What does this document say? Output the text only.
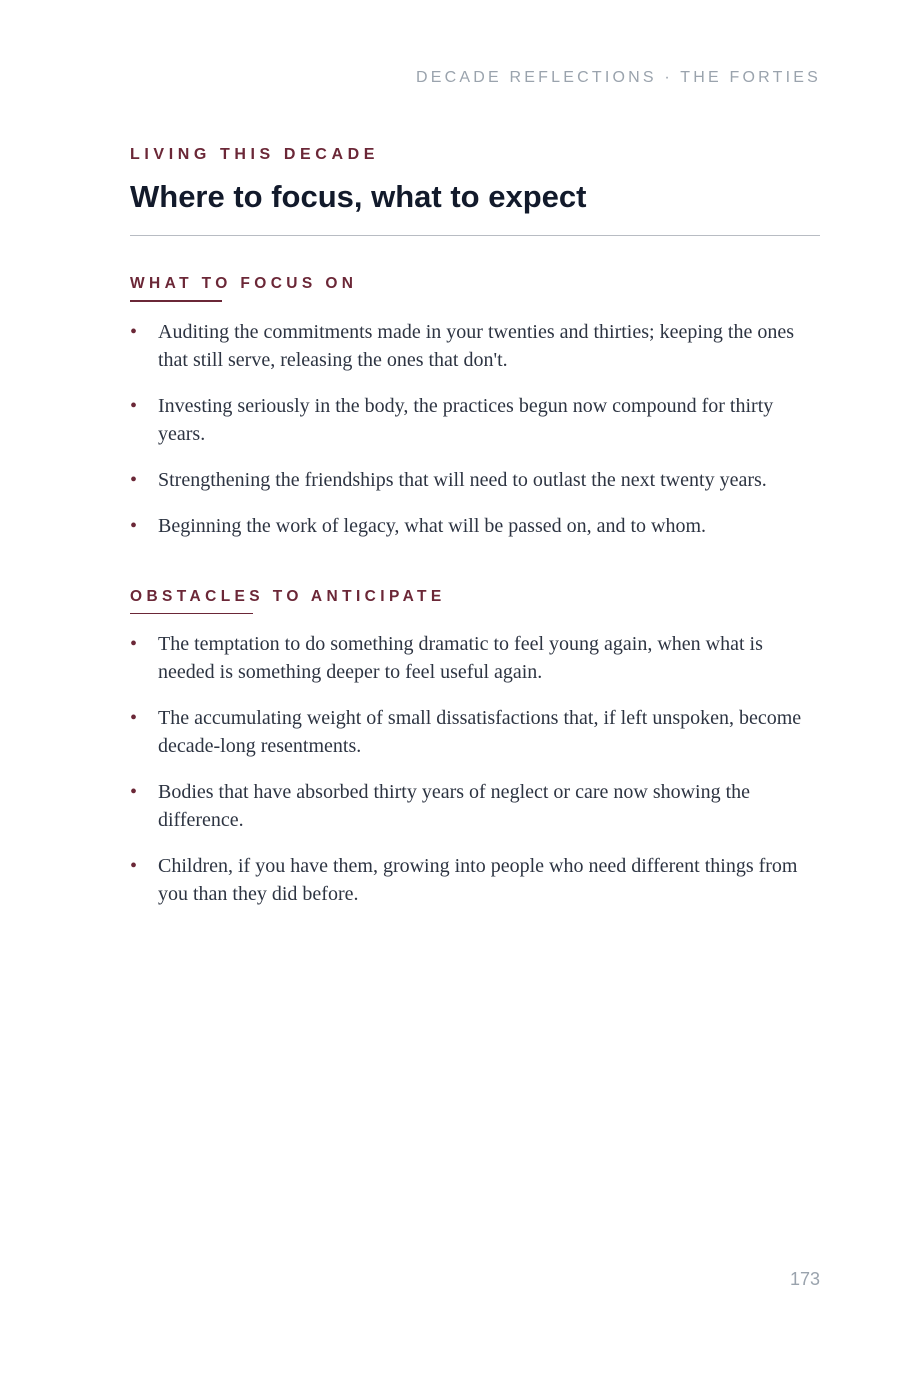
DECADE REFLECTIONS · THE FORTIES

LIVING THIS DECADE

Where to focus, what to expect
WHAT TO FOCUS ON
• Auditing the commitments made in your twenties and thirties; keeping the ones that still serve, releasing the ones that don't.
• Investing seriously in the body, the practices begun now compound for thirty years.
• Strengthening the friendships that will need to outlast the next twenty years.
• Beginning the work of legacy, what will be passed on, and to whom.
OBSTACLES TO ANTICIPATE
• The temptation to do something dramatic to feel young again, when what is needed is something deeper to feel useful again.
• The accumulating weight of small dissatisfactions that, if left unspoken, become decade-long resentments.
• Bodies that have absorbed thirty years of neglect or care now showing the difference.
• Children, if you have them, growing into people who need different things from you than they did before.
173
